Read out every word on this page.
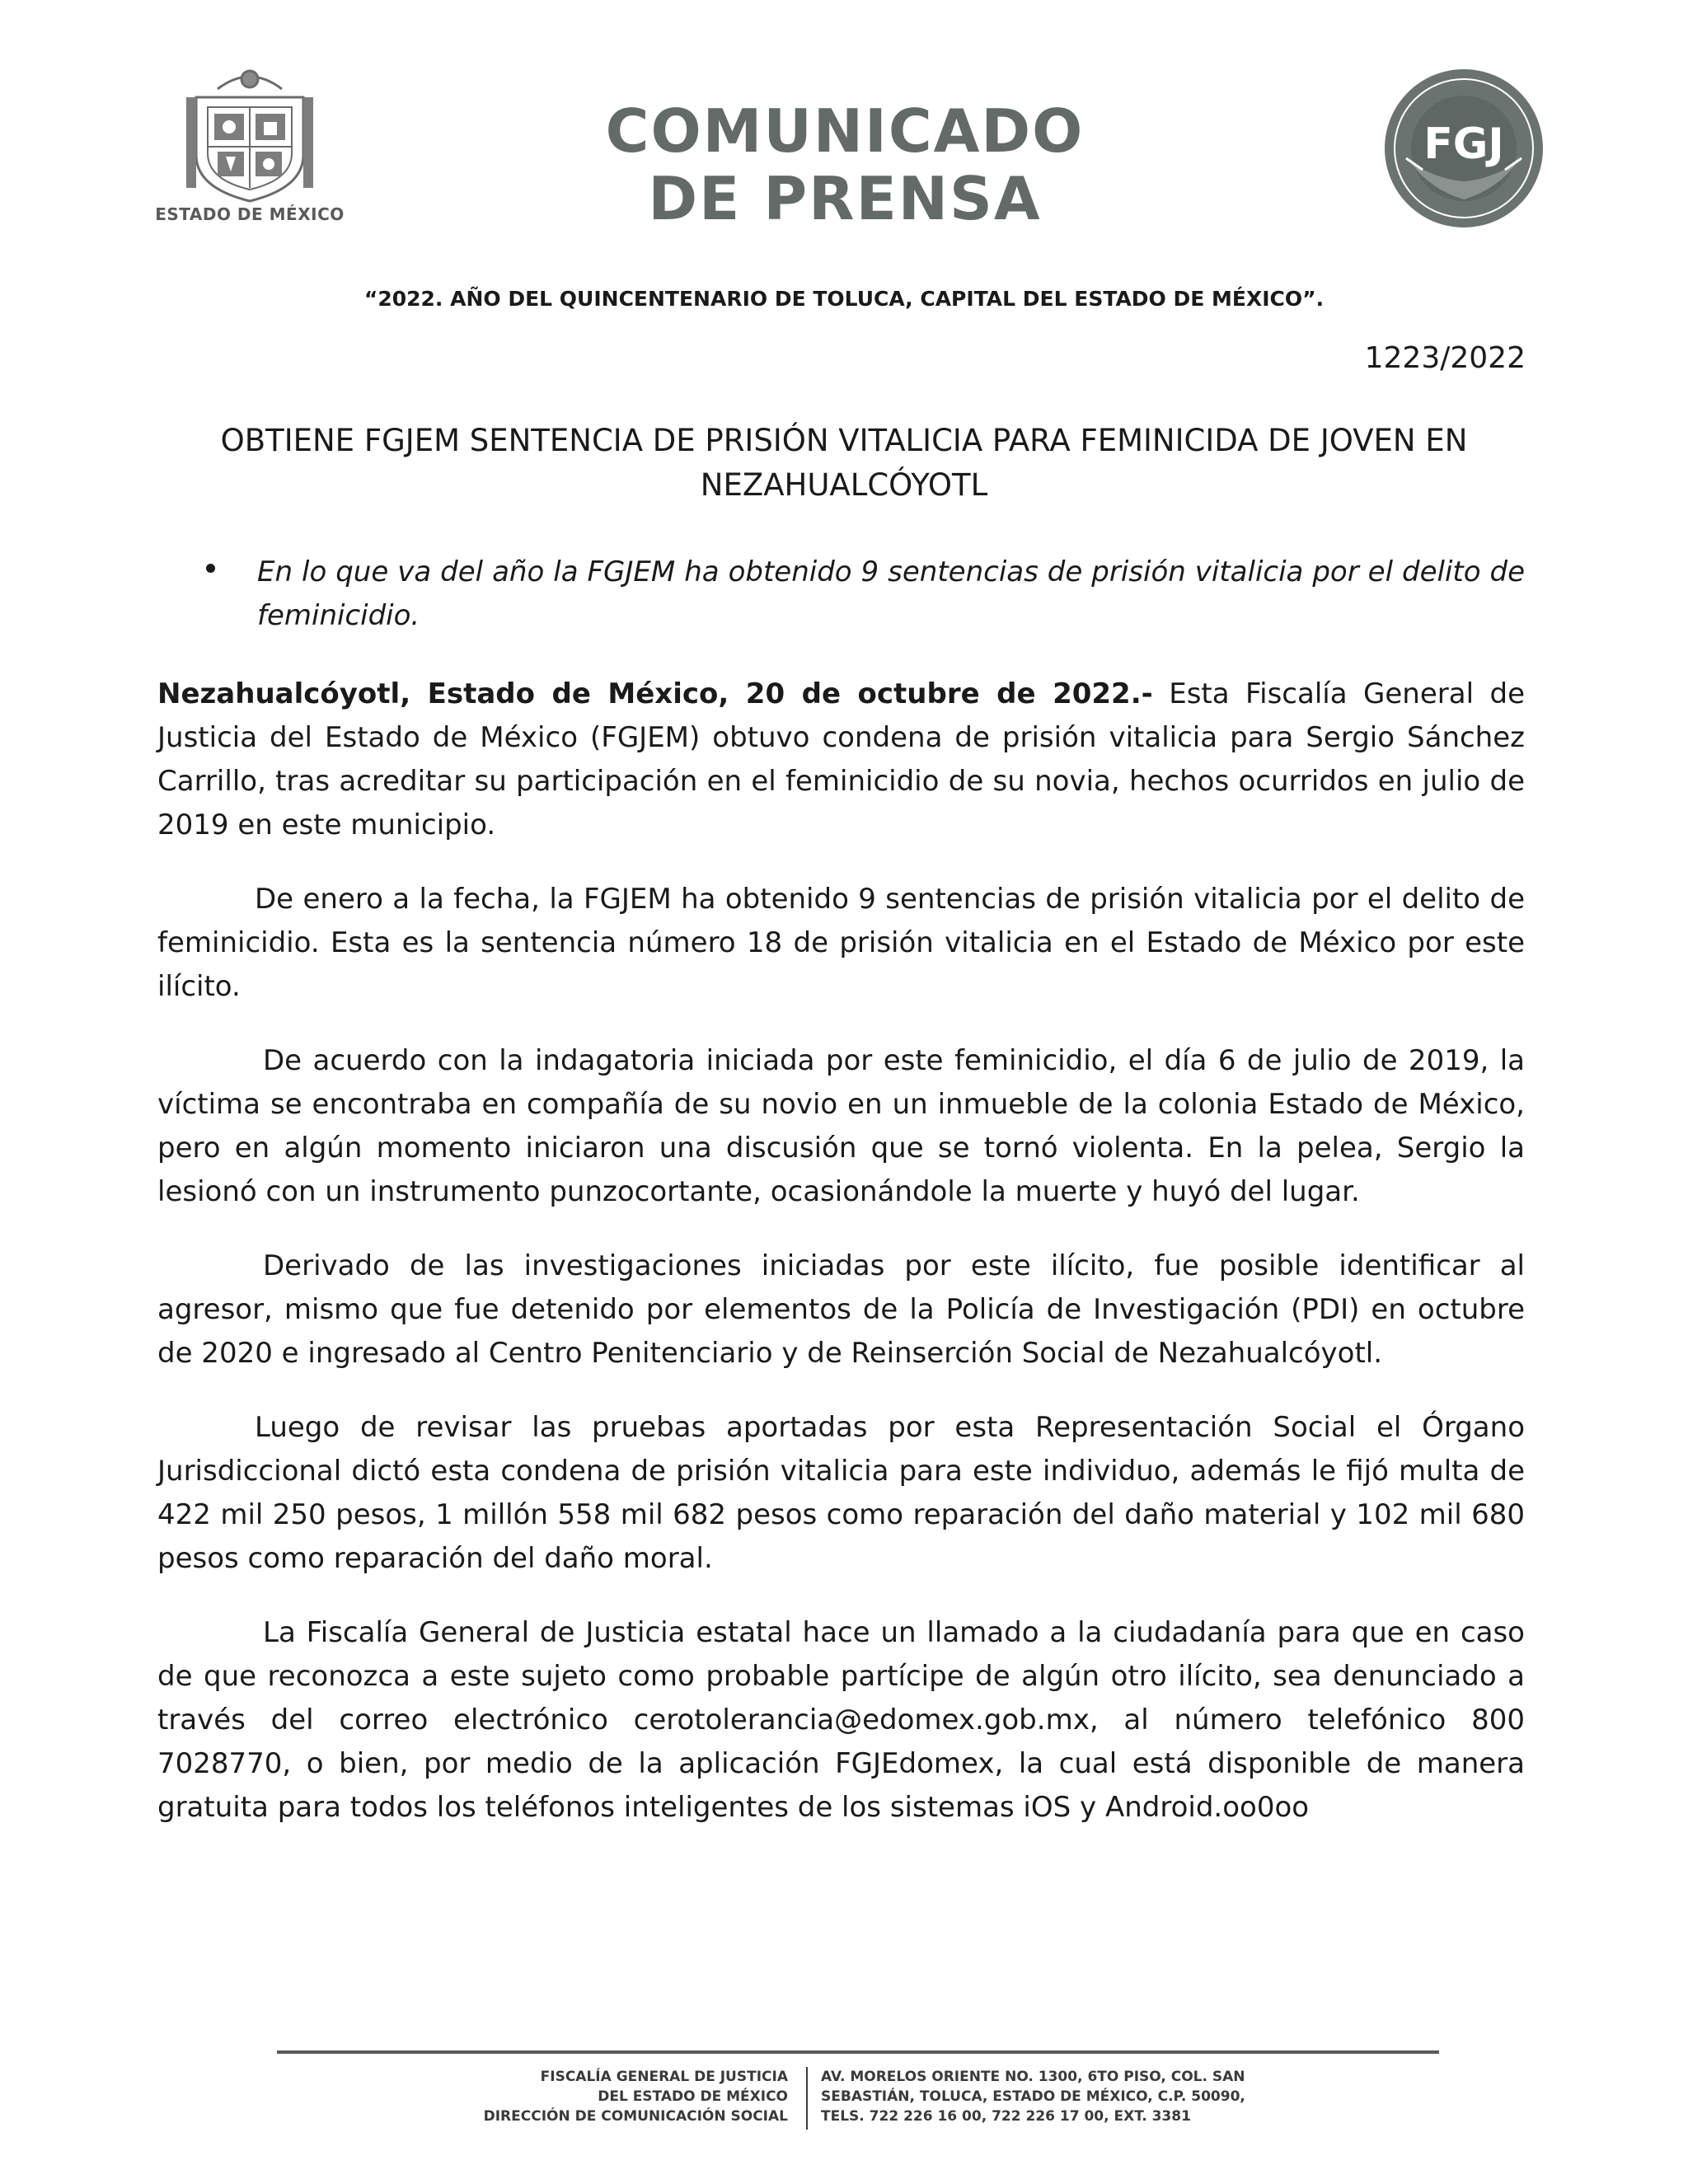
ESTADO DE MÉXICO
COMUNICADO
DE PRENSA
FGJ
“2022. AÑO DEL QUINCENTENARIO DE TOLUCA, CAPITAL DEL ESTADO DE MÉXICO”.
1223/2022
OBTIENE FGJEM SENTENCIA DE PRISIÓN VITALICIA PARA FEMINICIDA DE JOVEN EN NEZAHUALCÓYOTL
En lo que va del año la FGJEM ha obtenido 9 sentencias de prisión vitalicia por el delito de feminicidio.

Nezahualcóyotl, Estado de México, 20 de octubre de 2022.- Esta Fiscalía General de Justicia del Estado de México (FGJEM) obtuvo condena de prisión vitalicia para Sergio Sánchez Carrillo, tras acreditar su participación en el feminicidio de su novia, hechos ocurridos en julio de 2019 en este municipio.

De enero a la fecha, la FGJEM ha obtenido 9 sentencias de prisión vitalicia por el delito de feminicidio. Esta es la sentencia número 18 de prisión vitalicia en el Estado de México por este ilícito.

De acuerdo con la indagatoria iniciada por este feminicidio, el día 6 de julio de 2019, la víctima se encontraba en compañía de su novio en un inmueble de la colonia Estado de México, pero en algún momento iniciaron una discusión que se tornó violenta. En la pelea, Sergio la lesionó con un instrumento punzocortante, ocasionándole la muerte y huyó del lugar.

Derivado de las investigaciones iniciadas por este ilícito, fue posible identificar al agresor, mismo que fue detenido por elementos de la Policía de Investigación (PDI) en octubre de 2020 e ingresado al Centro Penitenciario y de Reinserción Social de Nezahualcóyotl.

Luego de revisar las pruebas aportadas por esta Representación Social el Órgano Jurisdiccional dictó esta condena de prisión vitalicia para este individuo, además le fijó multa de 422 mil 250 pesos, 1 millón 558 mil 682 pesos como reparación del daño material y 102 mil 680 pesos como reparación del daño moral.

La Fiscalía General de Justicia estatal hace un llamado a la ciudadanía para que en caso de que reconozca a este sujeto como probable partícipe de algún otro ilícito, sea denunciado a través del correo electrónico cerotolerancia@edomex.gob.mx, al número telefónico 800 7028770, o bien, por medio de la aplicación FGJEdomex, la cual está disponible de manera gratuita para todos los teléfonos inteligentes de los sistemas iOS y Android.oo0oo

FISCALÍA GENERAL DE JUSTICIA
DEL ESTADO DE MÉXICO
DIRECCIÓN DE COMUNICACIÓN SOCIAL
AV. MORELOS ORIENTE NO. 1300, 6TO PISO, COL. SAN
SEBASTIÁN, TOLUCA, ESTADO DE MÉXICO, C.P. 50090,
TELS. 722 226 16 00, 722 226 17 00, EXT. 3381
